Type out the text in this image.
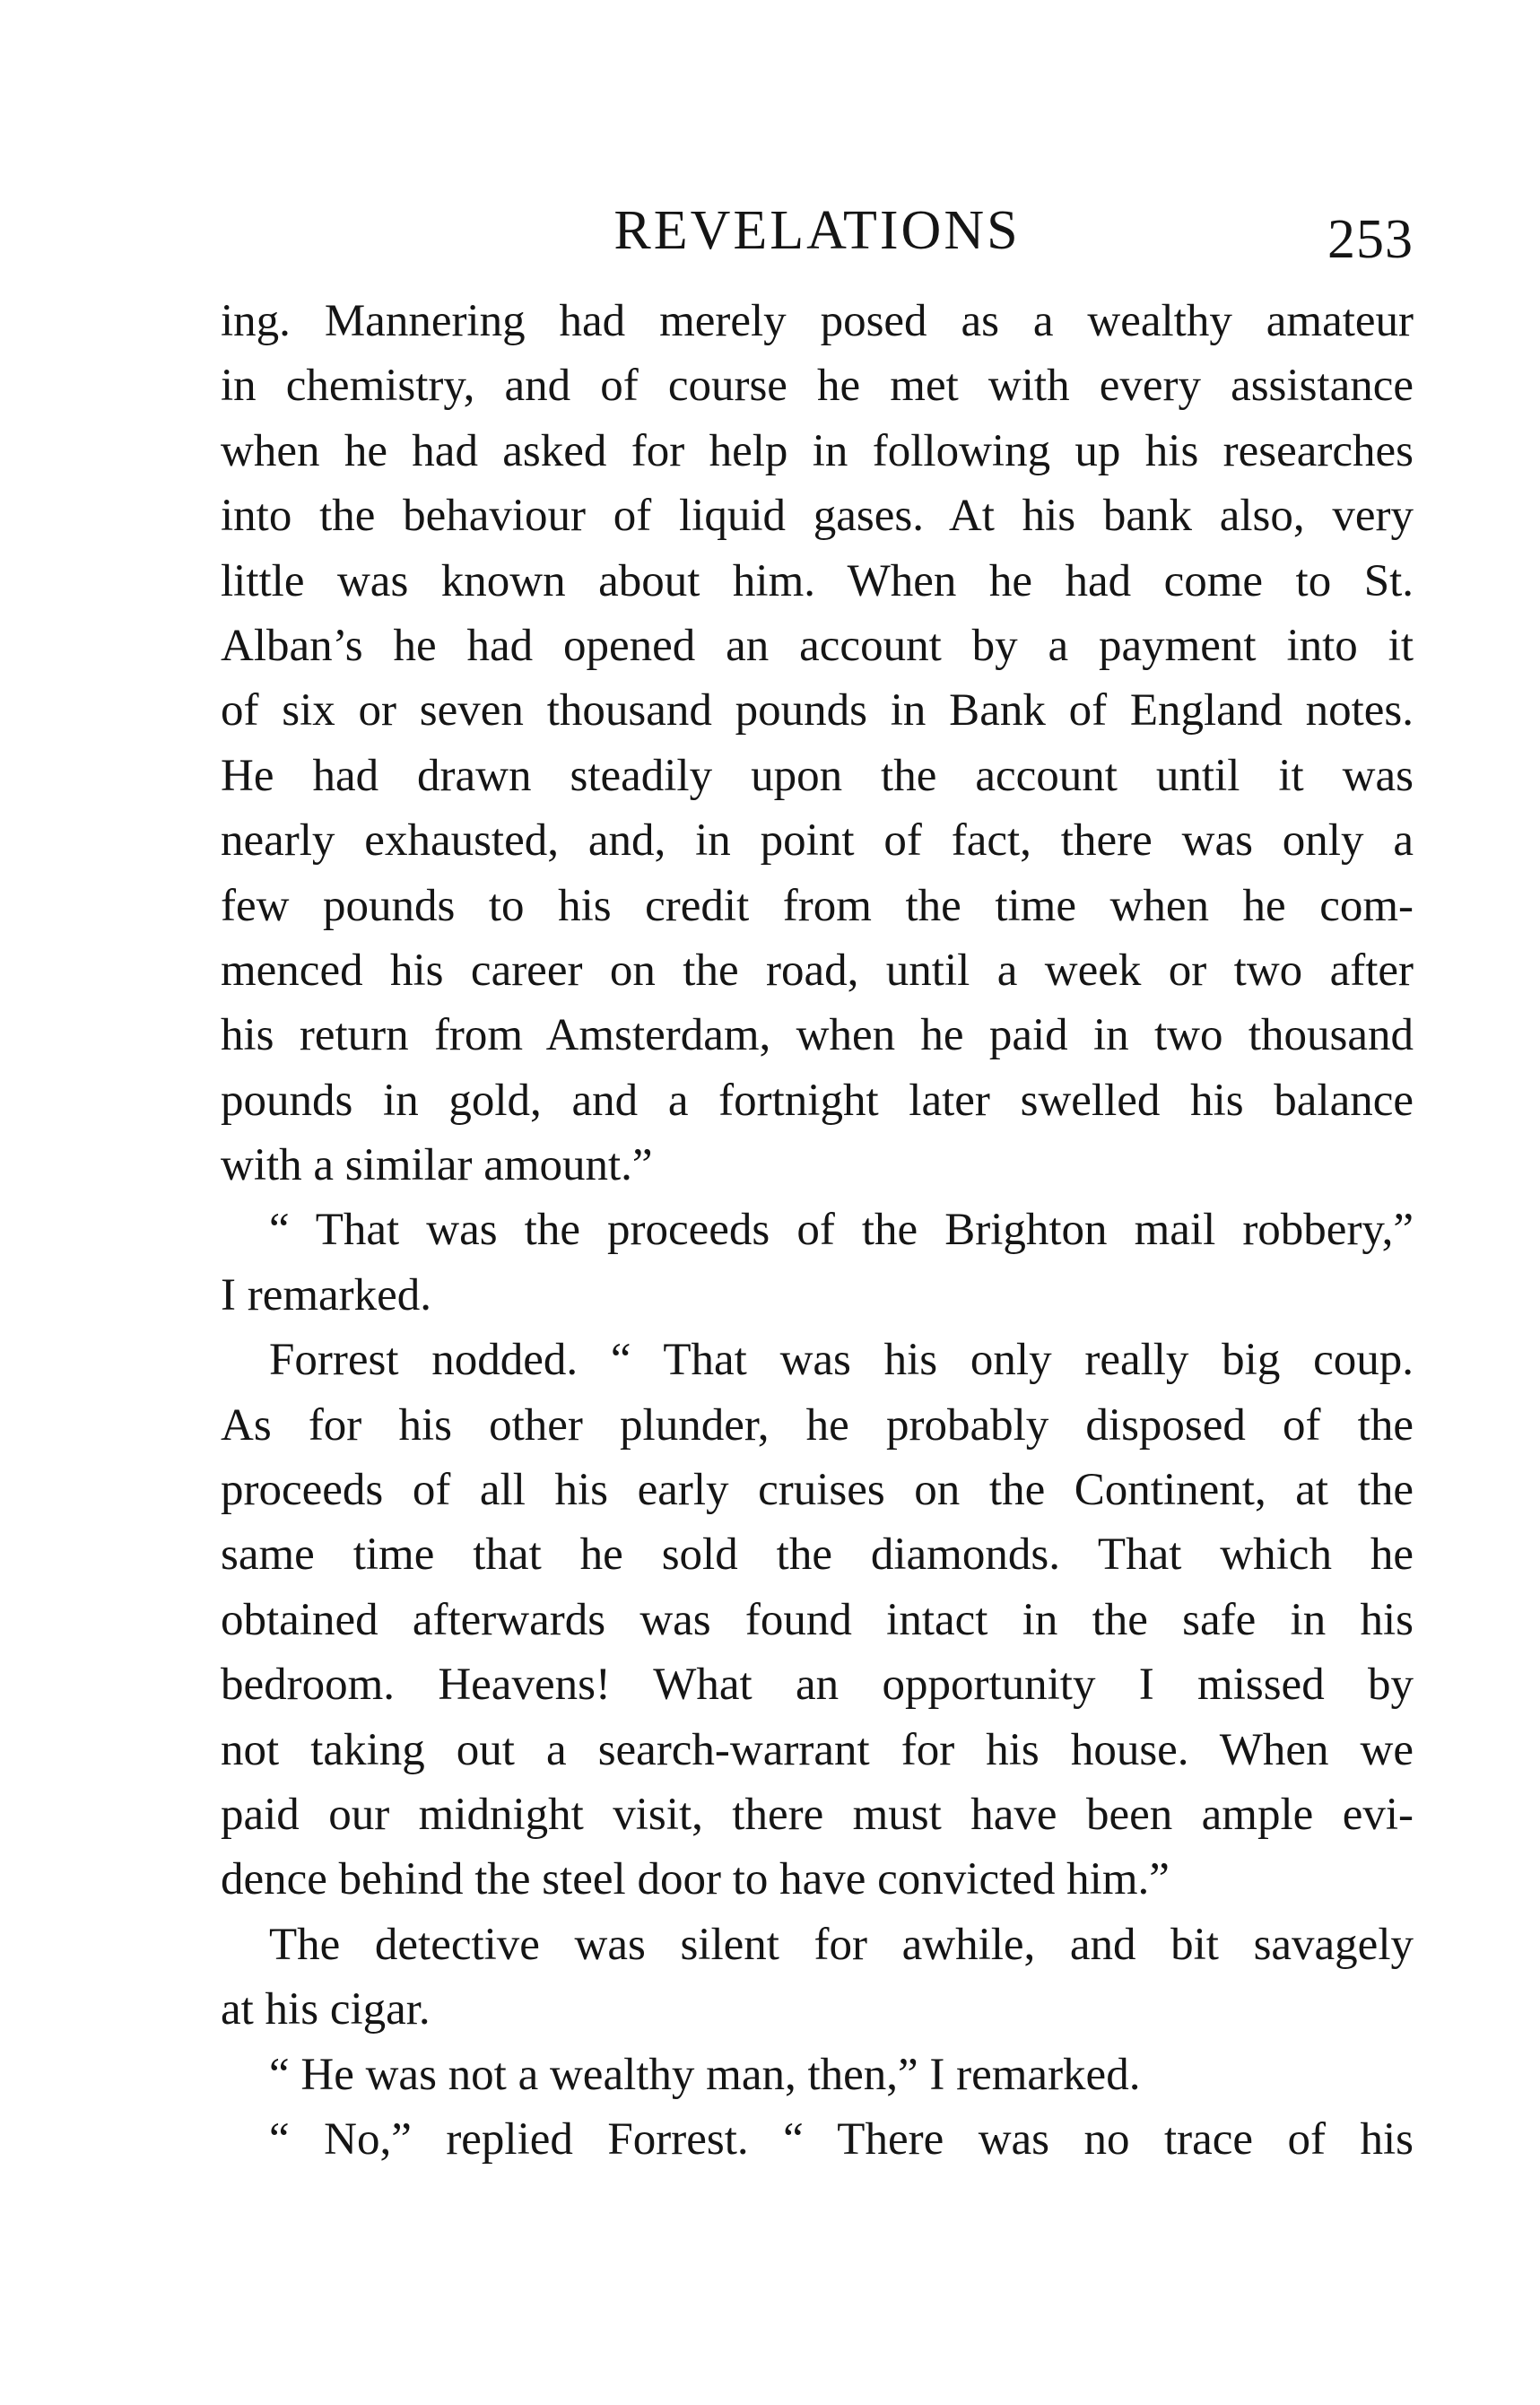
REVELATIONS	253
ing. Mannering had merely posed as a wealthy amateur
in chemistry, and of course he met with every assistance
when he had asked for help in following up his researches
into the behaviour of liquid gases. At his bank also, very
little was known about him. When he had come to St.
Alban’s he had opened an account by a payment into it
of six or seven thousand pounds in Bank of England notes.
He had drawn steadily upon the account until it was
nearly exhausted, and, in point of fact, there was only a
few pounds to his credit from the time when he com-
menced his career on the road, until a week or two after
his return from Amsterdam, when he paid in two thousand
pounds in gold, and a fortnight later swelled his balance
with a similar amount.”
“ That was the proceeds of the Brighton mail robbery,”
I remarked.
Forrest nodded. “ That was his only really big coup.
As for his other plunder, he probably disposed of the
proceeds of all his early cruises on the Continent, at the
same time that he sold the diamonds. That which he
obtained afterwards was found intact in the safe in his
bedroom. Heavens! What an opportunity I missed by
not taking out a search-warrant for his house. When we
paid our midnight visit, there must have been ample evi-
dence behind the steel door to have convicted him.”
The detective was silent for awhile, and bit savagely
at his cigar.
“ He was not a wealthy man, then,” I remarked.
“ No,” replied Forrest. “ There was no trace of his
